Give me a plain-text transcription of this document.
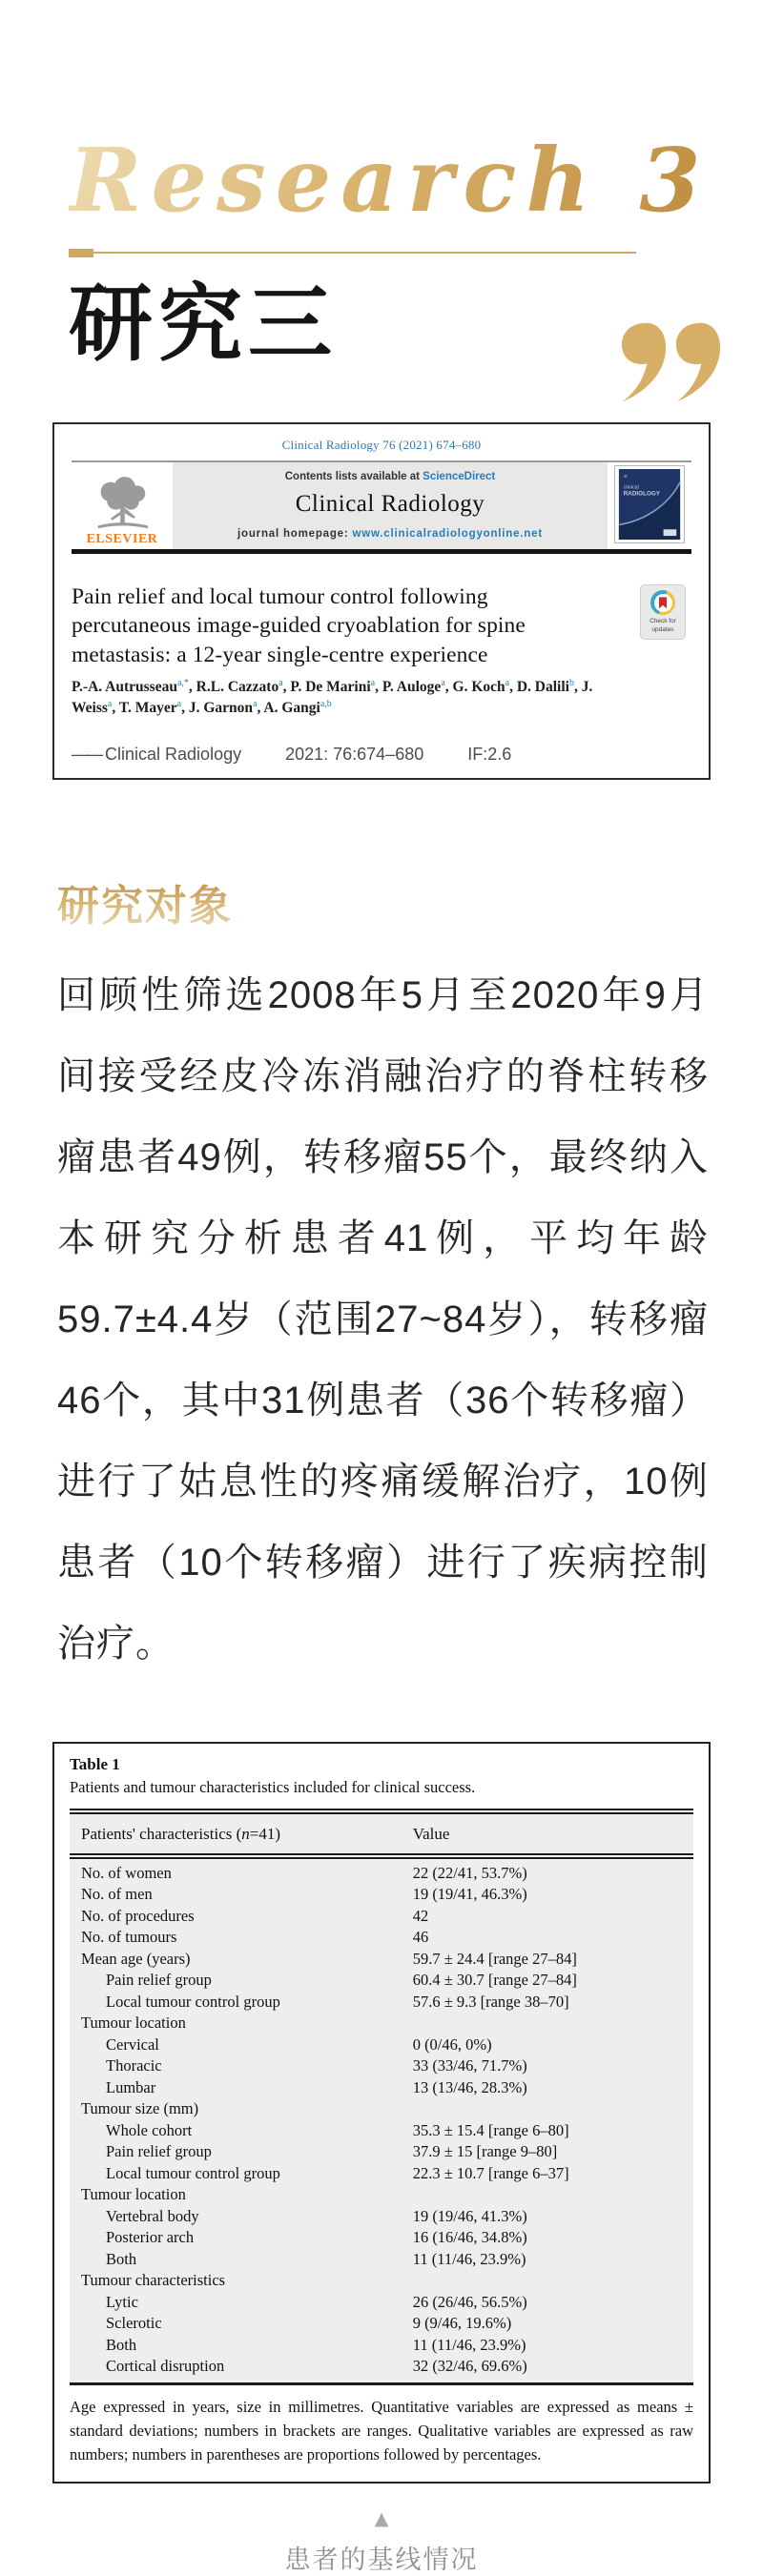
Research 3
研究三
Clinical Radiology 76 (2021) 674–680
ELSEVIER
Contents lists available at ScienceDirect
Clinical Radiology
journal homepage: www.clinicalradiologyonline.net
≋
clinical
RADIOLOGY
Pain relief and local tumour control following percutaneous image-guided cryoablation for spine metastasis: a 12-year single-centre experience
Check for
updates
P.-A. Autrusseau$^{a,*}$, R.L. Cazzato$^a$, P. De Marini$^a$, P. Auloge$^a$, G. Koch$^a$, D. Dalili$^b$, J. Weiss$^a$, T. Mayer$^a$, J. Garnon$^a$, A. Gangi$^{a,b}$
—— Clinical Radiology	2021: 76:674–680	IF:2.6
研究对象
回顾性筛选2008年5月至2020年9月间接受经皮冷冻消融治疗的脊柱转移瘤患者49例，转移瘤55个，最终纳入本研究分析患者41例，平均年龄59.7±4.4岁（范围27~84岁），转移瘤46个，其中31例患者（36个转移瘤）进行了姑息性的疼痛缓解治疗，10例患者（10个转移瘤）进行了疾病控制治疗。
Table 1
Patients and tumour characteristics included for clinical success.
Patients' characteristics (n=41)	Value
No. of women	22 (22/41, 53.7%)
No. of men	19 (19/41, 46.3%)
No. of procedures	42
No. of tumours	46
Mean age (years)	59.7 ± 24.4 [range 27–84]
Pain relief group	60.4 ± 30.7 [range 27–84]
Local tumour control group	57.6 ± 9.3 [range 38–70]
Tumour location
Cervical	0 (0/46, 0%)
Thoracic	33 (33/46, 71.7%)
Lumbar	13 (13/46, 28.3%)
Tumour size (mm)
Whole cohort	35.3 ± 15.4 [range 6–80]
Pain relief group	37.9 ± 15 [range 9–80]
Local tumour control group	22.3 ± 10.7 [range 6–37]
Tumour location
Vertebral body	19 (19/46, 41.3%)
Posterior arch	16 (16/46, 34.8%)
Both	11 (11/46, 23.9%)
Tumour characteristics
Lytic	26 (26/46, 56.5%)
Sclerotic	9 (9/46, 19.6%)
Both	11 (11/46, 23.9%)
Cortical disruption	32 (32/46, 69.6%)
Age expressed in years, size in millimetres. Quantitative variables are expressed as means ± standard deviations; numbers in brackets are ranges. Qualitative variables are expressed as raw numbers; numbers in parentheses are proportions followed by percentages.
▲
患者的基线情况
